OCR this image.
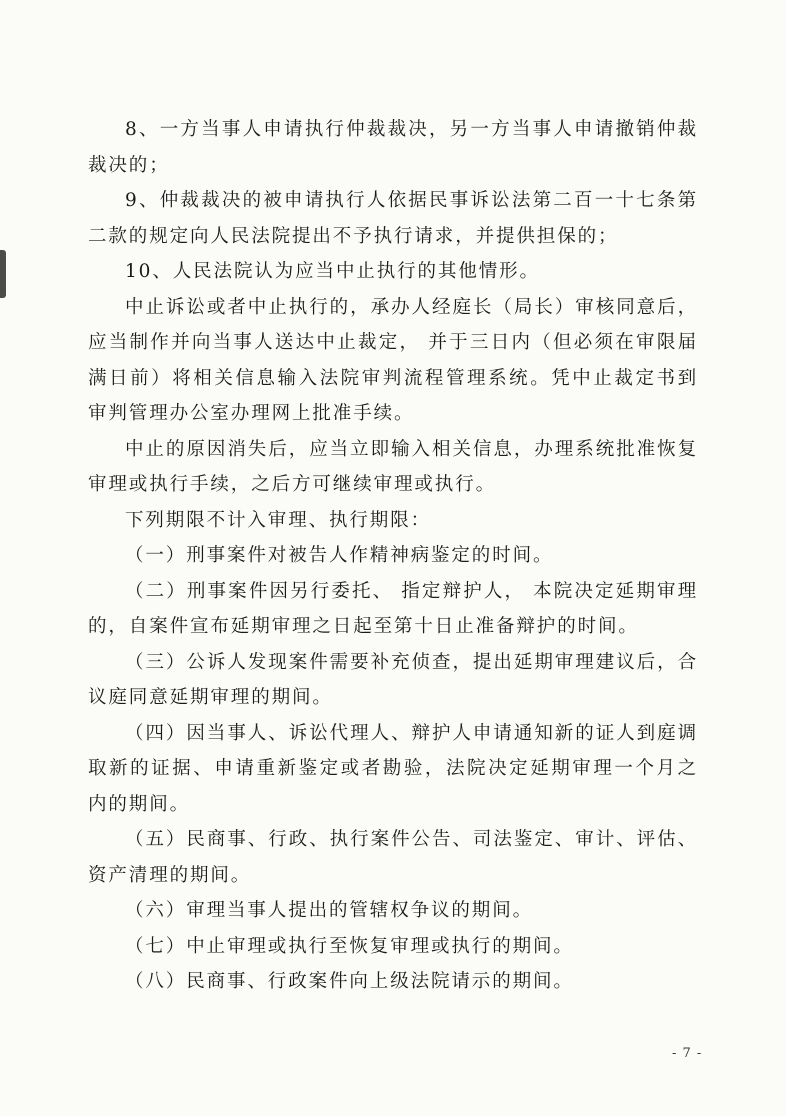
8、一方当事人申请执行仲裁裁决，另一方当事人申请撤销仲裁裁决的；

9、仲裁裁决的被申请执行人依据民事诉讼法第二百一十七条第二款的规定向人民法院提出不予执行请求，并提供担保的；

10、人民法院认为应当中止执行的其他情形。

中止诉讼或者中止执行的，承办人经庭长（局长）审核同意后，应当制作并向当事人送达中止裁定， 并于三日内（但必须在审限届满日前）将相关信息输入法院审判流程管理系统。凭中止裁定书到审判管理办公室办理网上批准手续。

中止的原因消失后，应当立即输入相关信息，办理系统批准恢复审理或执行手续，之后方可继续审理或执行。

下列期限不计入审理、执行期限：

（一）刑事案件对被告人作精神病鉴定的时间。

（二）刑事案件因另行委托、 指定辩护人， 本院决定延期审理的，自案件宣布延期审理之日起至第十日止准备辩护的时间。

（三）公诉人发现案件需要补充侦查，提出延期审理建议后，合议庭同意延期审理的期间。

（四）因当事人、诉讼代理人、辩护人申请通知新的证人到庭调取新的证据、申请重新鉴定或者勘验，法院决定延期审理一个月之内的期间。

（五）民商事、行政、执行案件公告、司法鉴定、审计、评估、资产清理的期间。

（六）审理当事人提出的管辖权争议的期间。

（七）中止审理或执行至恢复审理或执行的期间。

（八）民商事、行政案件向上级法院请示的期间。

- 7 -
